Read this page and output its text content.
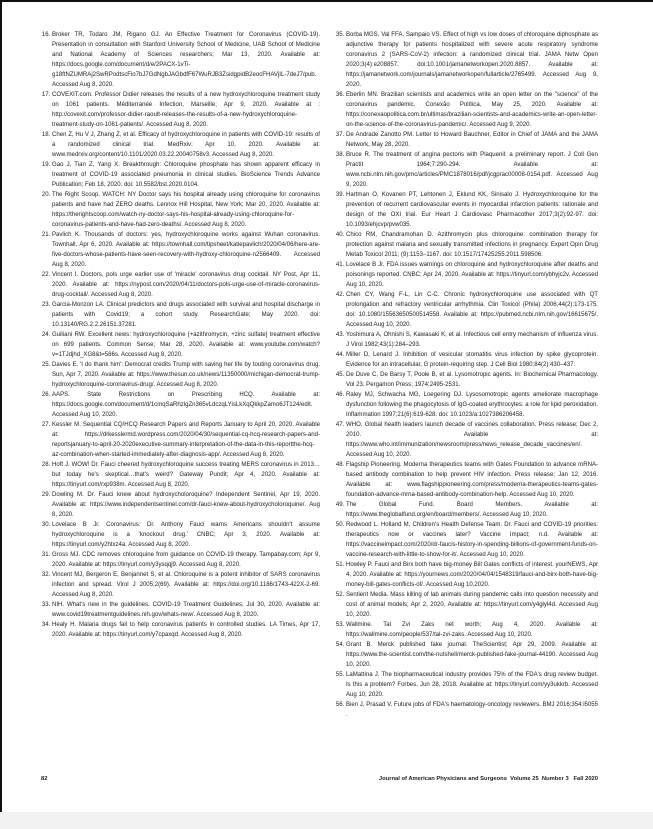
16. Broker TR, Todaro JM, Rigano GJ. An Effective Treatment for Coronavirus (COVID-19). Presentation in consultation with Stanford University School of Medicine, UAB School of Medicine and National Academy of Sciences researchers; Mar 13, 2020. Available at: https://docs.google.com/document/d/e/2PACX-1vTi-g18ftNZUMRAj2SwRPodtscFio7bJ7GdNgbJAGbdfF67WuRJB3ZsidgpidB2eocFHAVjIL-7deJ7/pub. Accessed Aug 8, 2020.
17. COVEXIT.com. Professor Didier releases the results of a new hydroxychloroquine treatment study on 1061 patients. Méditerranée Infection, Marseille; Apr 9, 2020. Available at : http://covexit.com/professor-didier-raoult-releases-the-results-of-a-new-hydroxychloroquine-treatment-study-on-1061-patients/. Accessed Aug 8, 2020.
18. Chen Z, Hu V J, Zhang Z, et al. Efficacy of hydroxychloroquine in patients with COVID-19: results of a randomized clinical trial. MedRxiv; Apr 10, 2020. Available at: www.medrxiv.org/content/10.1101/2020.03.22.20040758v3. Accessed Aug 8, 2020.
19. Gao J, Tian Z, Yang X. Breakthrough: Chloroquine phosphate has shown apparent efficacy in treatment of COVID-19 associated pneumonia in clinical studies. BioScience Trends Advance Publication; Feb 18, 2020. doi: 10.5582/bst.2020.0104.
20. The Right Scoop. WATCH: NY Doctor says his hospital already using chloroquine for coronavirus patients and have had ZERO deaths. Lennox Hill Hospital, New York; Mar 20, 2020. Available at: https://therightscoop.com/watch-ny-doctor-says-his-hospital-already-using-chloroquine-for-coronavirus-patients-and-have-had-zero-deaths/. Accessed Aug 8, 2020.
21. Pavlich K. Thousands of doctors: yes, hydroxychloroquine works against Wuhan coronavirus. Townhall, Apr 6, 2020. Available at: https://townhall.com/tipsheet/katiepavlich/2020/04/06/here-are-five-doctors-whose-patients-have-seen-recovery-with-hydroxy-chloroquine-n2566409. Accessed Aug 8, 2020.
22. Vincent I. Doctors, pols urge earlier use of 'miracle' coronavirus drug cocktail. NY Post, Apr 11, 2020. Available at: https://nypost.com/2020/04/11/doctors-pols-urge-use-of-miracle-coronavirus-drug-cocktail/. Accessed Aug 8, 2020.
23. Garcia-Monzon LA. Clinical predictors and drugs associated with survival and hospital discharge in patients with Covid19; a cohort study. ResearchGate; May 2020. doi: 10.13140/RG.2.2.26151.37281.
24. Guiliani RW. Excellent news: hydroxychloroquine [+azithromycin, +zinc sulfate] treatment effective on 699 patients. Common Sense; Mar 28, 2020. Available at: www.youtube.com/watch?v=1TJdjhd_XG8&t=586s. Accessed Aug 8, 2020.
25. Davies E. 'I do thank him': Democrat credits Trump with saving her life by touting coronavirus drug. Sun, Apr 7, 2020. Available at: https://www.thesun.co.uk/news/11350000/michigan-democrat-trump-hydroxychloroquine-coronavirus-drug/. Accessed Aug 8, 2020.
26. AAPS. State Restrictions on Prescribing HCQ. Available at: https://docs.google.com/document/d/1cmqSaRhzlgZn365vLdczqLYisLkXqQkkpZamo6JT124/edit. Accessed Aug 10, 2020.
27. Kessler M. Sequential CQ/HCQ Research Papers and Reports January to April 20, 2020. Available at: https://drkesslermd.wordpress.com/2020/04/30/sequential-cq-hcq-research-papers-and-reportsjanuary-to-april-20-2020executive-summary-interpretation-of-the-data-in-this-reportthe-hcq-az-combination-when-started-immediately-after-diagnosis-app/. Accessed Aug 8, 2020.
28. Hoft J. WOW! Dr. Fauci cheered hydroxychloroquine success treating MERS coronavirus in 2013…but today he's skeptical…that's weird? Gateway Pundit; Apr 4, 2020. Available at: https://tinyurl.com/rxp938m. Accessed Aug 8, 2020.
29. Dowling M. Dr. Fauci knew about hydroxycholoroquine? Independent Sentinel, Apr 19, 2020. Available at: https://www.independentsentinel.com/dr-fauci-knew-about-hydroxycholoroquine/. Aug 8, 2020.
30. Lovelace B Jr. Coronavirus: Dr. Anthony Fauci warns Americans shouldn't assume hydroxychloroquine is a 'knockout drug.' CNBC; Apr 3, 2020. Available at: https://tinyurl.com/y2htxz4a. Accessed Aug 8, 2020.
31. Gross MJ. CDC removes chloroquine from guidance on COVID-19 therapy. Tampabay.com; Apr 9, 2020. Available at: https://tinyurl.com/y3ysqqj9. Accessed Aug 8, 2020.
32. Vincent MJ, Bergeron E, Benjannet S, et al. Chloroquine is a potent inhibitor of SARS coronavirus infection and spread. Virol J 2005;2(69). Available at: https://doi.org/10.1186/1743-422X-2-69. Accessed Aug 8, 2020.
33. NIH. What's new in the guidelines. COVID-19 Treatment Guidelines; Jul 30, 2020. Available at: www.covid19treatmentguidelines.nih.gov/whats-new/. Accessed Aug 8, 2020.
34. Healy H. Malaria drugs fail to help coronavirus patients in controlled studies. LA Times, Apr 17, 2020. Available at: https://tinyurl.com/y7cpaxqd. Accessed Aug 8, 2020.
35. Borba MGS, Val FFA, Sampaio VS. Effect of high vs low doses of chloroquine diphosphate as adjunctive therapy for patients hospitalized with severe acute respiratory syndrome coronavirus 2 (SARS-CoV-2) infection: a randomized clinical trial. JAMA Netw Open 2020;3(4):e208857. doi:10.1001/jamanetworkopen.2020.8857. Available at: https://jamanetwork.com/journals/jamanetworkopen/fullarticle/2765499. Accessed Aug 9, 2020.
36. Eberlin MN. Brazilian scientists and academics write an open letter on the "science" of the coronavirus pandemic. Conexão Política, May 25, 2020. Available at: https://conexaopolitica.com.br/ultimas/brazilian-scientists-and-academics-write-an-open-letter-on-the-science-of-the-coronavirus-pandemic/. Accessed Aug 9, 2020.
37. De Andrade Zanotto PM. Letter to Howard Bauchner, Editor in Chief of JAMA and the JAMA Network, May 28, 2020.
38. Bruce R. The treatment of angina pectoris with Plaquenil: a preliminary report. J Coll Gen Practit 1964;7:290-294. Available at: www.ncbi.nlm.nih.gov/pmc/articles/PMC1878016/pdf/jcgprac00008-0154.pdf. Accessed Aug 9, 2020.
39. Hartman O, Kovanen PT, Lehtonen J, Eklund KK, Sinisalo J. Hydroxychloroquine for the prevention of recurrent cardiovascular events in myocardial infarction patients: rationale and design of the OXI trial. Eur Heart J Cardiovasc Pharmacother 2017;3(2):92-97. doi: 10.1093/ehjcvp/pvw035.
40. Chico RM, Chandramohan D. Azithromycin plus chloroquine: combination therapy for protection against malaria and sexually transmitted infections in pregnancy. Expert Opin Drug Metab Toxicol 2011; (9):1153–1167. doi: 10.1517/17425255.2011.598506.
41. Lovelace B Jr. FDA issues warnings on chloroquine and hydroxychloroquine after deaths and poisonings reported. CNBC; Apr 24, 2020. Available at: https://tinyurl.com/ybhyjc2v. Accessed Aug 10, 2020.
42. Chen CY, Wang F-L, Lin C-C. Chronic hydroxychloroquine use associated with QT prolongation and refractory ventricular arrhythmia. Clin Toxicol (Phila) 2006;44(2):173-175. doi: 10.1080/15563650500514558. Available at: https://pubmed.ncbi.nlm.nih.gov/16615675/. Accessed Aug 10, 2020.
43. Yoshimura A, Ohnishi S, Kawasaki K, et al. Infectious cell entry mechanism of influenza virus. J Virol 1982;43(1):284–293.
44. Miller D, Lenard J. Inhibition of vesicular stomatitis virus infection by spike glycoprotein. Evidence for an intracellular, G protein-requiring step. J Cell Biol 1980;84(2):430–437.
45. De Duve C, De Barsy T, Poole B, et al. Lysomotropic agents. In: Biochemical Pharmacology. Vol 23. Pergamon Press; 1974:2495-2531.
46. Raley MJ, Schwacha MG, Loegering DJ. Lysosomotropic agents ameliorate macrophage dysfunction following the phagocytosis of IgG-coated erythrocytes: a role for lipid peroxidation. Inflammation 1997;21(6):619-628. doi: 10.1023/a:1027386206458.
47. WHO. Global health leaders launch decade of vaccines collaboration. Press release; Dec 2, 2010. Available at: https://www.who.int/immunization/newsroom/press/news_release_decade_vaccines/en/. Accessed Aug 10, 2020.
48. Flagship Pioneering. Moderna therapeutics teams with Gates Foundation to advance mRNA-based antibody combination to help prevent HIV infection. Press release; Jan 12, 2016. Available at: www.flagshippioneering.com/press/moderna-therapeutics-teams-gates-foundation-advance-mrna-based-antibody-combination-help. Accessed Aug 10, 2020.
49. The Global Fund. Board Members. Available at: https://www.theglobalfund.org/en/board/members/. Accessed Aug 10, 2020.
50. Redwood L. Holland M, Children's Health Defense Team. Dr. Fauci and COVID-19 priorities: therapeutics now or vaccines later? Vaccine Impact; n.d. Available at: https://vaccineimpact.com/2020/dr-faucis-history-in-spending-billions-of-government-funds-on-vaccine-research-with-little-to-show-for-it/. Accessed Aug 10, 2020.
51. Howley P. Fauci and Birx both have big-money Bill Gates conflicts of interest. yourNEWS, Apr 4, 2020. Available at: https://yournews.com/2020/04/04/1548319/fauci-and-birx-both-have-big-money-bill-gates-conflicts-of/. Accessed Aug 10,2020.
52. Sentient Media. Mass killing of lab animals during pandemic calls into question necessity and cost of animal models; Apr 2, 2020. Available at: https://tinyurl.com/y4glyl4d. Accessed Aug 10, 2020.
53. Wallmine. Tal Zvi Zaks net worth; Aug 4, 2020. Available at: https://wallmine.com/people/537/tal-zvi-zaks. Accessed Aug 10, 2020.
54. Grant B. Merck published fake journal. TheScientist; Apr 29, 2009. Available at: https://www.the-scientist.com/the-nutshell/merck-published-fake-journal-44190. Accessed Aug 10, 2020.
55. LaMattina J. The biopharmaceutical industry provides 75% of the FDA's drug review budget. Is this a problem? Forbes, Jun 28, 2018. Available at: https://tinyurl.com/yy3ukkrb. Accessed Aug 10, 2020.
56. Bien J, Prasad V. Future jobs of FDA's haematology-oncology reviewers. BMJ 2016;354:i5055 .
82	Journal of American Physicians and Surgeons  Volume 25  Number 3   Fall 2020
